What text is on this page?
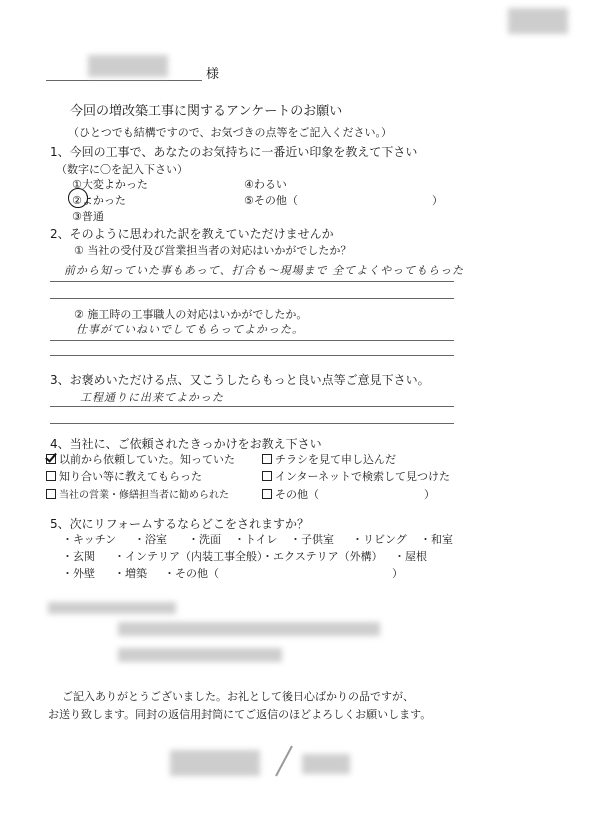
様
今回の増改築工事に関するアンケートのお願い
（ひとつでも結構ですので、お気づきの点等をご記入ください。）
1、今回の工事で、あなたのお気持ちに一番近い印象を教えて下さい
（数字に〇を記入下さい）
①大変よかった
②よかった
③普通
④わるい
⑤その他（	）
2、そのように思われた訳を教えていただけませんか
① 当社の受付及び営業担当者の対応はいかがでしたか？
前から知っていた事もあって、打合も〜現場まで 全てよくやってもらった
② 施工時の工事職人の対応はいかがでしたか。
仕事がていねいでしてもらってよかった。
3、お褒めいただける点、又こうしたらもっと良い点等ご意見下さい。
工程通りに出来てよかった
4、当社に、ご依頼されたきっかけをお教え下さい
以前から依頼していた。知っていた	チラシを見て申し込んだ
知り合い等に教えてもらった	インターネットで検索して見つけた
当社の営業・修繕担当者に勧められた	その他（	）
5、次にリフォームするならどこをされますか？
・キッチン ・浴室 ・洗面 ・トイレ ・子供室 ・リビング ・和室
・玄関 ・インテリア（内装工事全般）
・エクステリア（外構） ・屋根
・外壁 ・増築 ・その他（	）
ご記入ありがとうございました。お礼として後日心ばかりの品ですが、
お送り致します。同封の返信用封筒にてご返信のほどよろしくお願いします。
